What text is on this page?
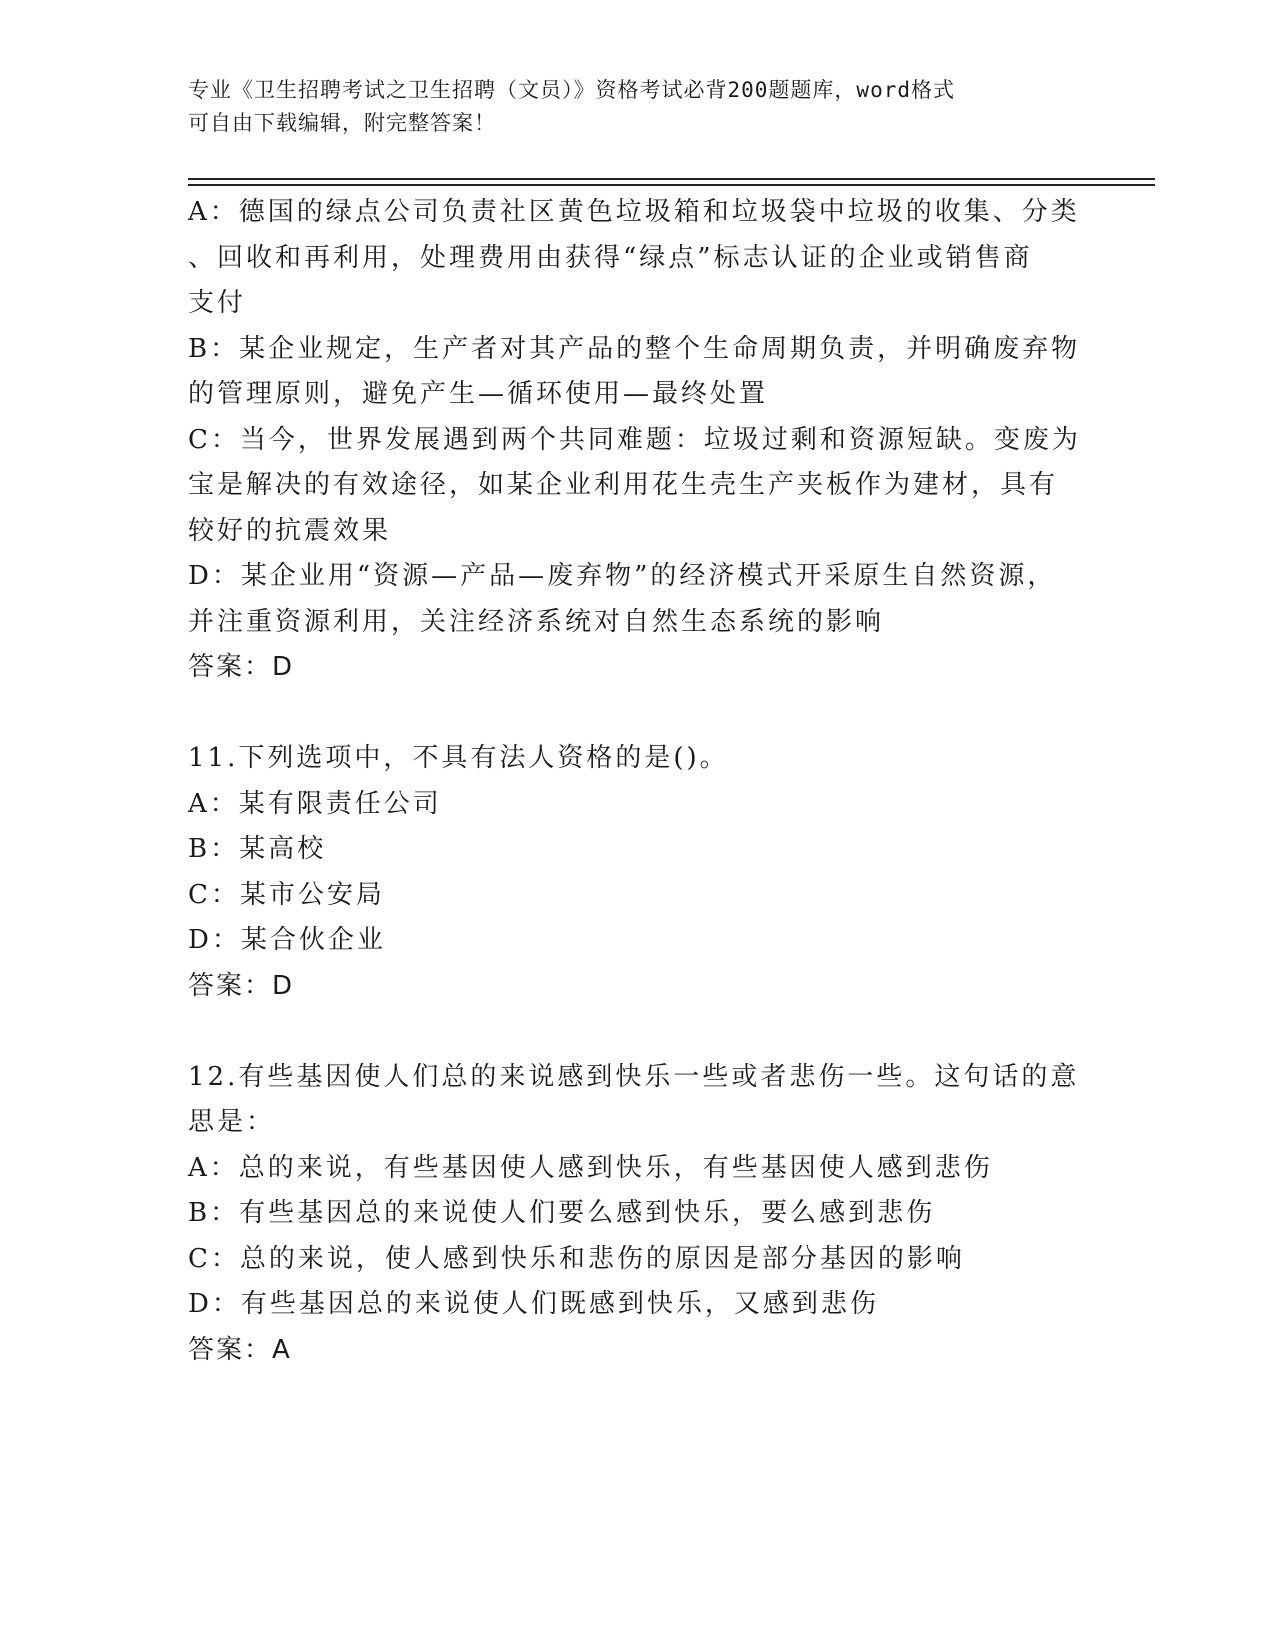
专业《卫生招聘考试之卫生招聘（文员）》资格考试必背200题题库，word格式
可自由下载编辑，附完整答案！
A：德国的绿点公司负责社区黄色垃圾箱和垃圾袋中垃圾的收集、分类
、回收和再利用，处理费用由获得“绿点”标志认证的企业或销售商
支付
B：某企业规定，生产者对其产品的整个生命周期负责，并明确废弃物
的管理原则，避免产生—循环使用—最终处置
C：当今，世界发展遇到两个共同难题：垃圾过剩和资源短缺。变废为
宝是解决的有效途径，如某企业利用花生壳生产夹板作为建材，具有
较好的抗震效果
D：某企业用“资源—产品—废弃物”的经济模式开采原生自然资源，
并注重资源利用，关注经济系统对自然生态系统的影响
答案：D
11.下列选项中，不具有法人资格的是()。
A：某有限责任公司
B：某高校
C：某市公安局
D：某合伙企业
答案：D
12.有些基因使人们总的来说感到快乐一些或者悲伤一些。这句话的意
思是：
A：总的来说，有些基因使人感到快乐，有些基因使人感到悲伤
B：有些基因总的来说使人们要么感到快乐，要么感到悲伤
C：总的来说，使人感到快乐和悲伤的原因是部分基因的影响
D：有些基因总的来说使人们既感到快乐，又感到悲伤
答案：A
